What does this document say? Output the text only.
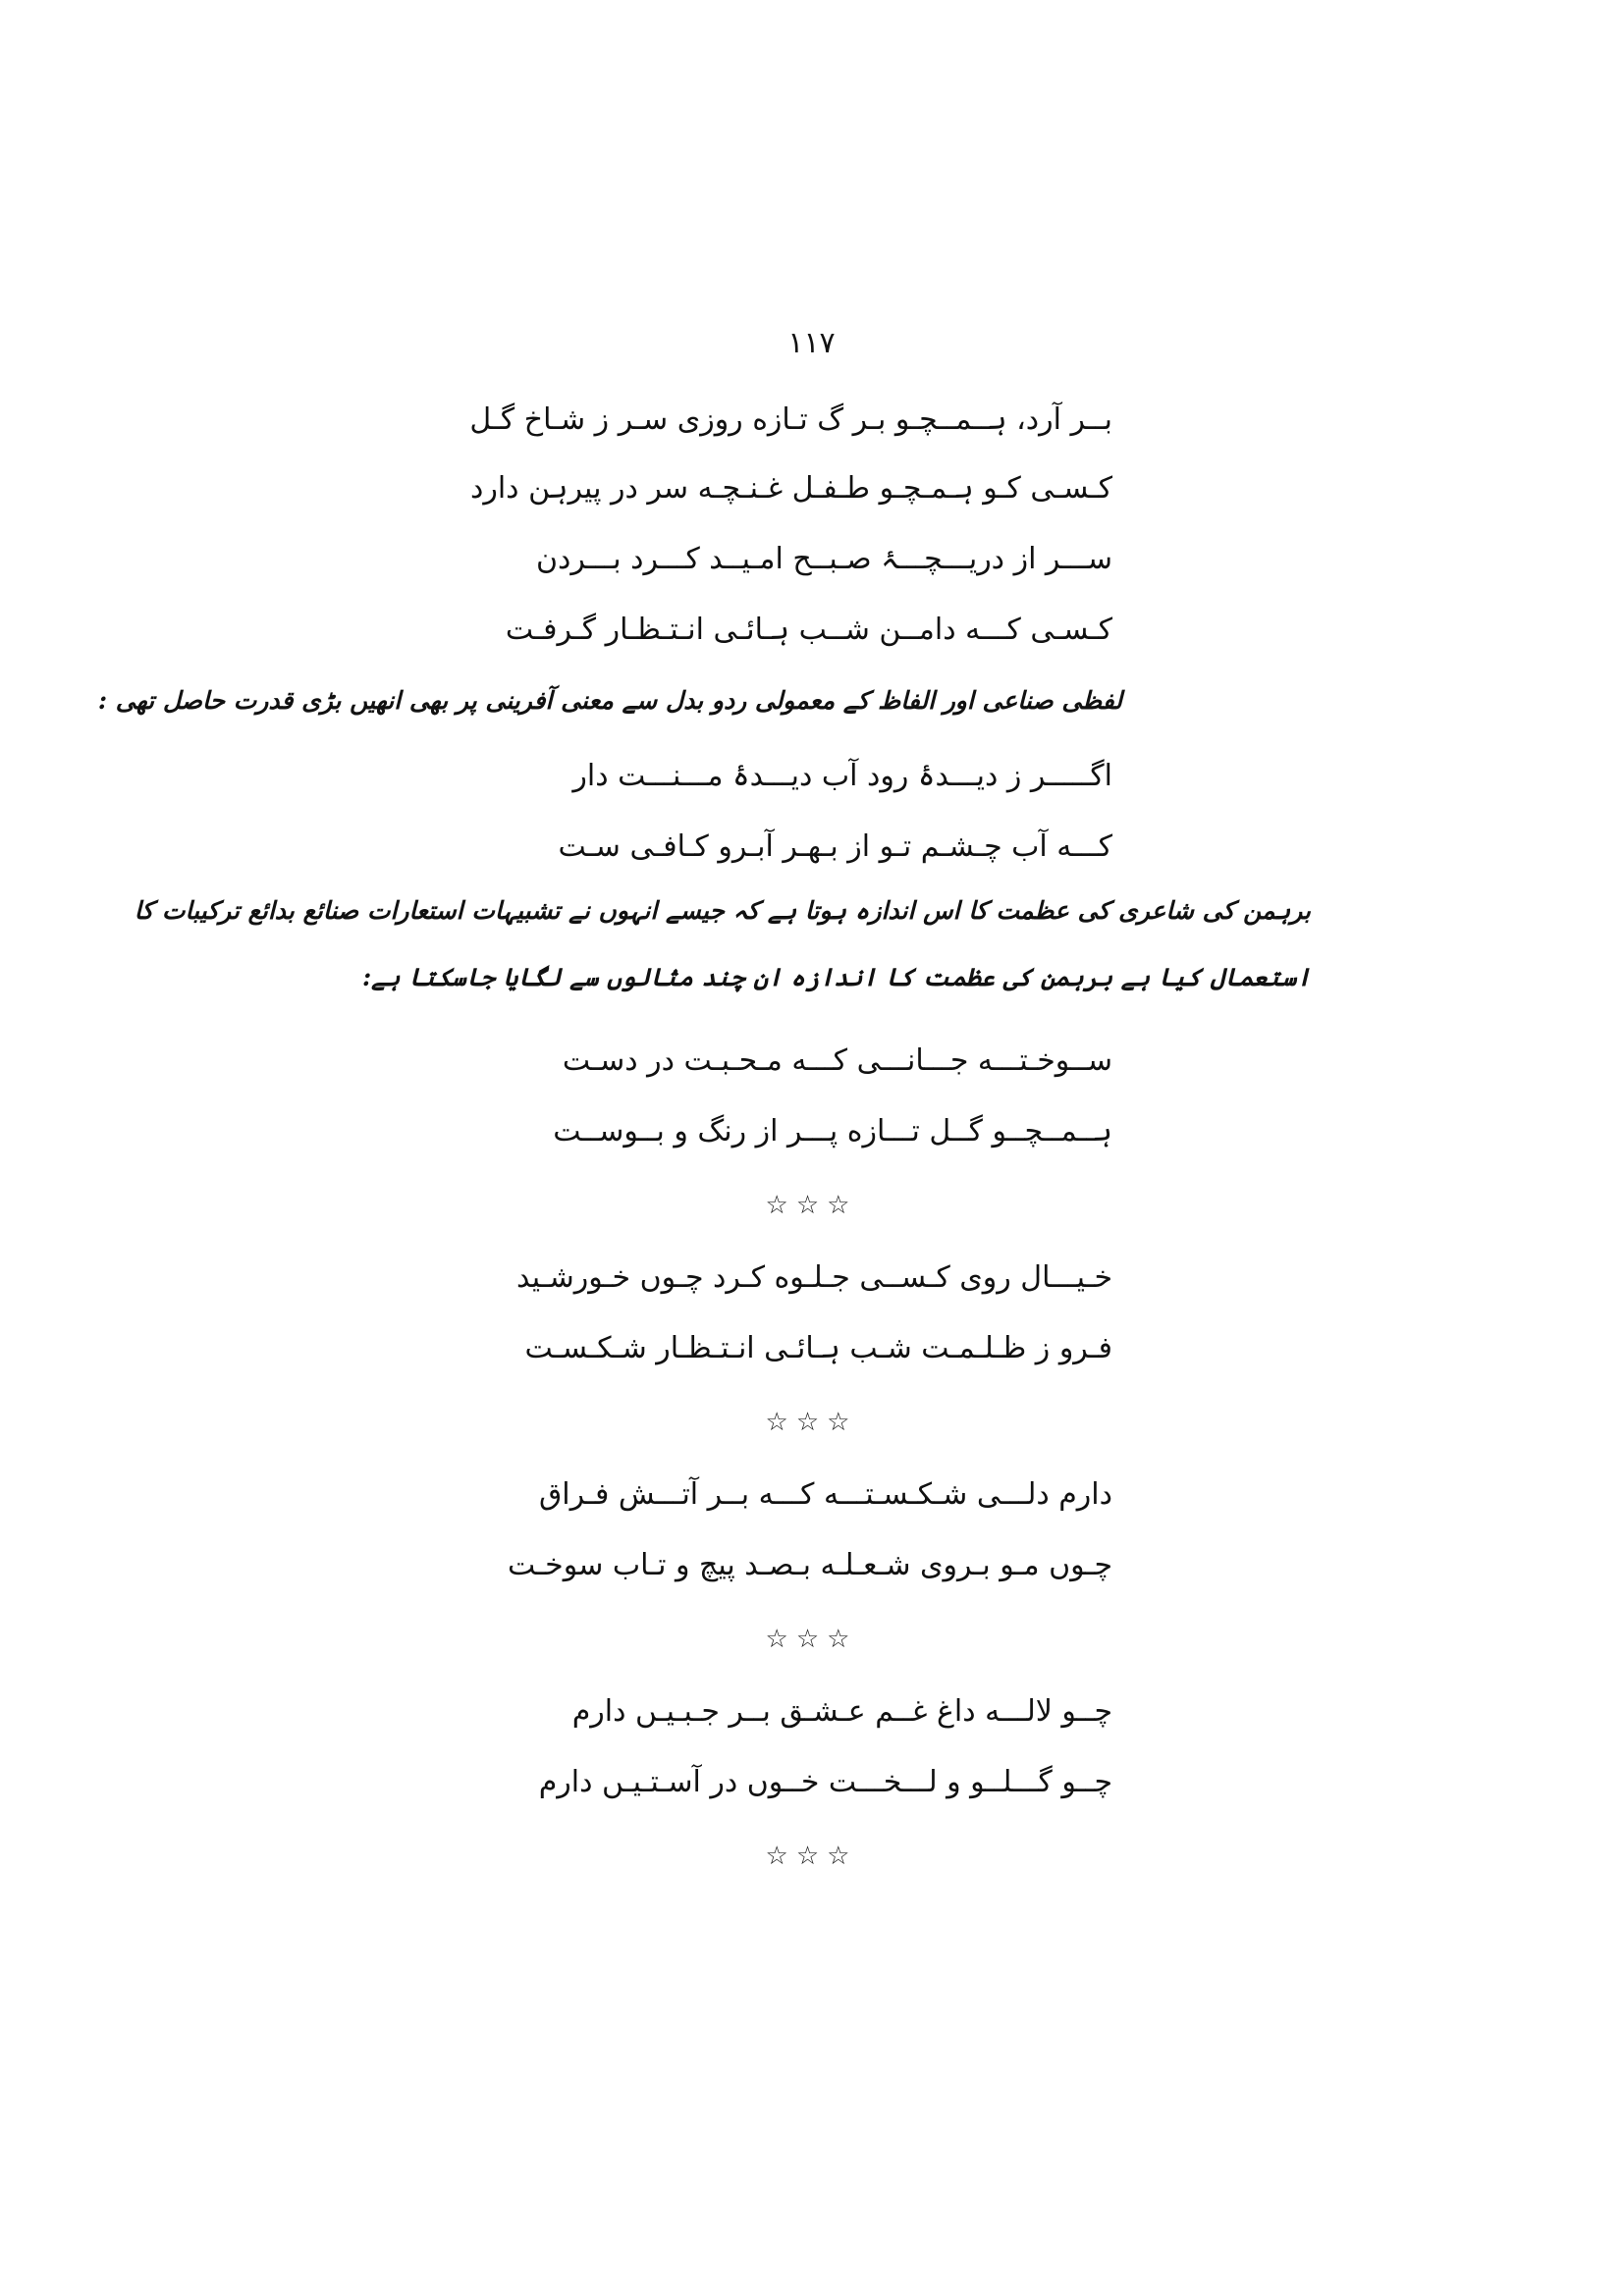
۱۱۷
بــر آرد، ہــمــچـو بـر گ تـازه روزی سـر ز شـاخ گـل
کـسـی کـو ہـمـچـو طـفـل غـنـچـه سر در پیرہن دارد
ســـر از دریـــچـــۂ صـبــح امـیــد کـــرد بـــردن
کـسـی کـــه دامــن شــب ہـائـی انـتـظـار گـرفـت
لفظی صناعی اور الفاظ کے معمولی ردو بدل سے معنی آفرینی پر بھی انھیں بڑی قدرت حاصل تھی :
اگـــــر ز دیـــدۂ رود آب دیـــدۂ مـــنـــت دار
کـــه آب چـشـم تـو از بـهـر آبـرو کـافـی سـت
برہمن کی شاعری کی عظمت کا اس اندازہ ہوتا ہے کہ جیسے انہوں نے تشبیہات استعارات صنائع بدائع ترکیبات کا
استعمال کیا ہے برہمن کی عظمت کا اندازہ ان چند مثالوں سے لگایا جاسکتا ہے:
ســوخـتـــه جـــانـــی کـــه مـحـبـت در دسـت
ہــمــچــو گــل تـــازه پـــر از رنگ و بــوســت
☆☆☆
خـیـــال روی کـســی جـلـوه کـرد چـوں خـورشـید
فـرو ز ظـلـمـت شـب ہـائـی انـتـظـار شـکـسـت
☆☆☆
دارم دلـــی شـکـسـتـــه کـــه بــر آتـــش فـراق
چـوں مـو بـروی شـعـلـه بـصـد پیچ و تـاب سوخـت
☆☆☆
چــو لالـــه داغ غــم عـشـق بــر جـبـیـں دارم
چــو گـــلــو و لـــخـــت خــوں در آسـتـیـں دارم
☆☆☆
